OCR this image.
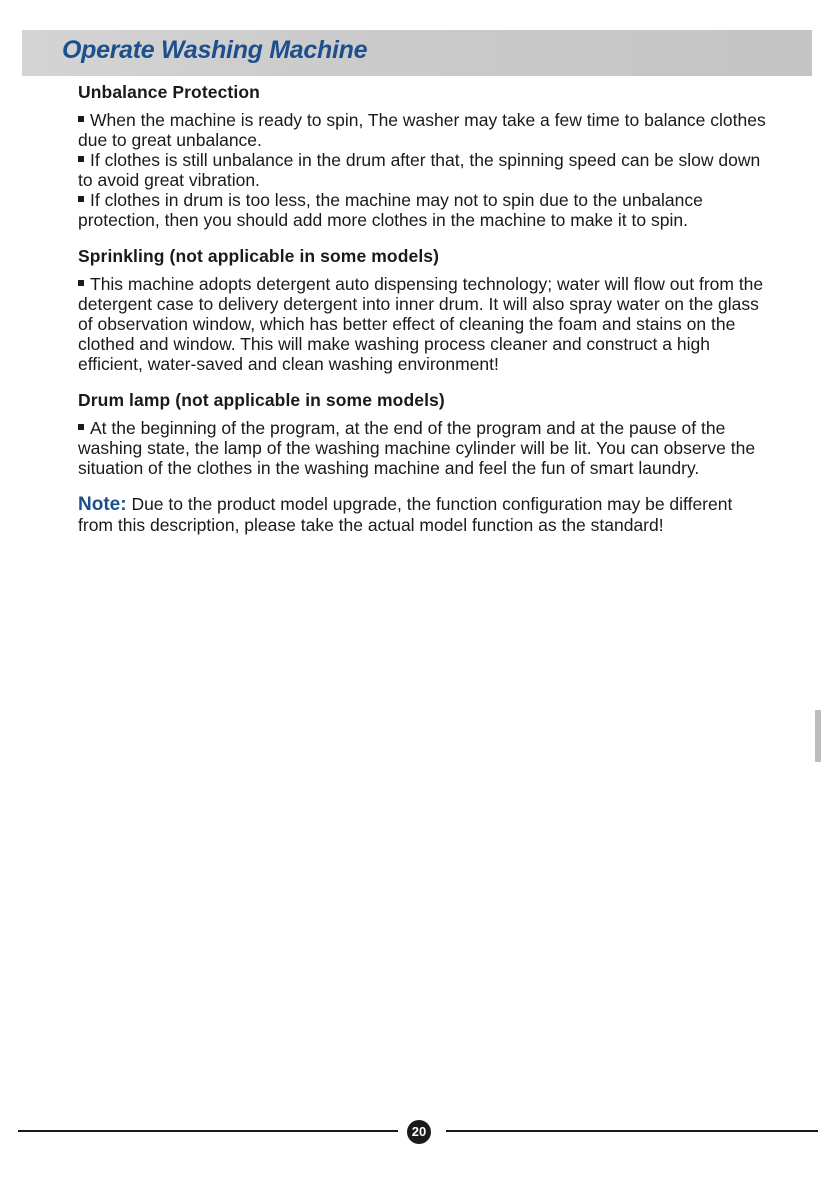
Operate Washing Machine
Unbalance Protection

When the machine is ready to spin, The washer may take a few time to balance clothes due to great unbalance.

If clothes is still unbalance in the drum after that, the spinning speed can be slow down to avoid great vibration.

If clothes in drum is too less, the machine may not to spin due to the unbalance protection, then you should add more clothes in the machine to make it to spin.

Sprinkling (not applicable in some models)

This machine adopts detergent auto dispensing technology; water will flow out from the detergent case to delivery detergent into inner drum. It will also spray water on the glass of observation window, which has better effect of cleaning the foam and stains on the clothed and window. This will make washing process cleaner and construct a high efficient, water-saved and clean washing environment!

Drum lamp (not applicable in some models)

At the beginning of the program, at the end of the program and at the pause of the washing state, the lamp of the washing machine cylinder will be lit. You can observe the situation of the clothes in the washing machine and feel the fun of smart laundry.

Note: Due to the product model upgrade, the function configuration may be different from this description, please take the actual model function as the standard!

20
